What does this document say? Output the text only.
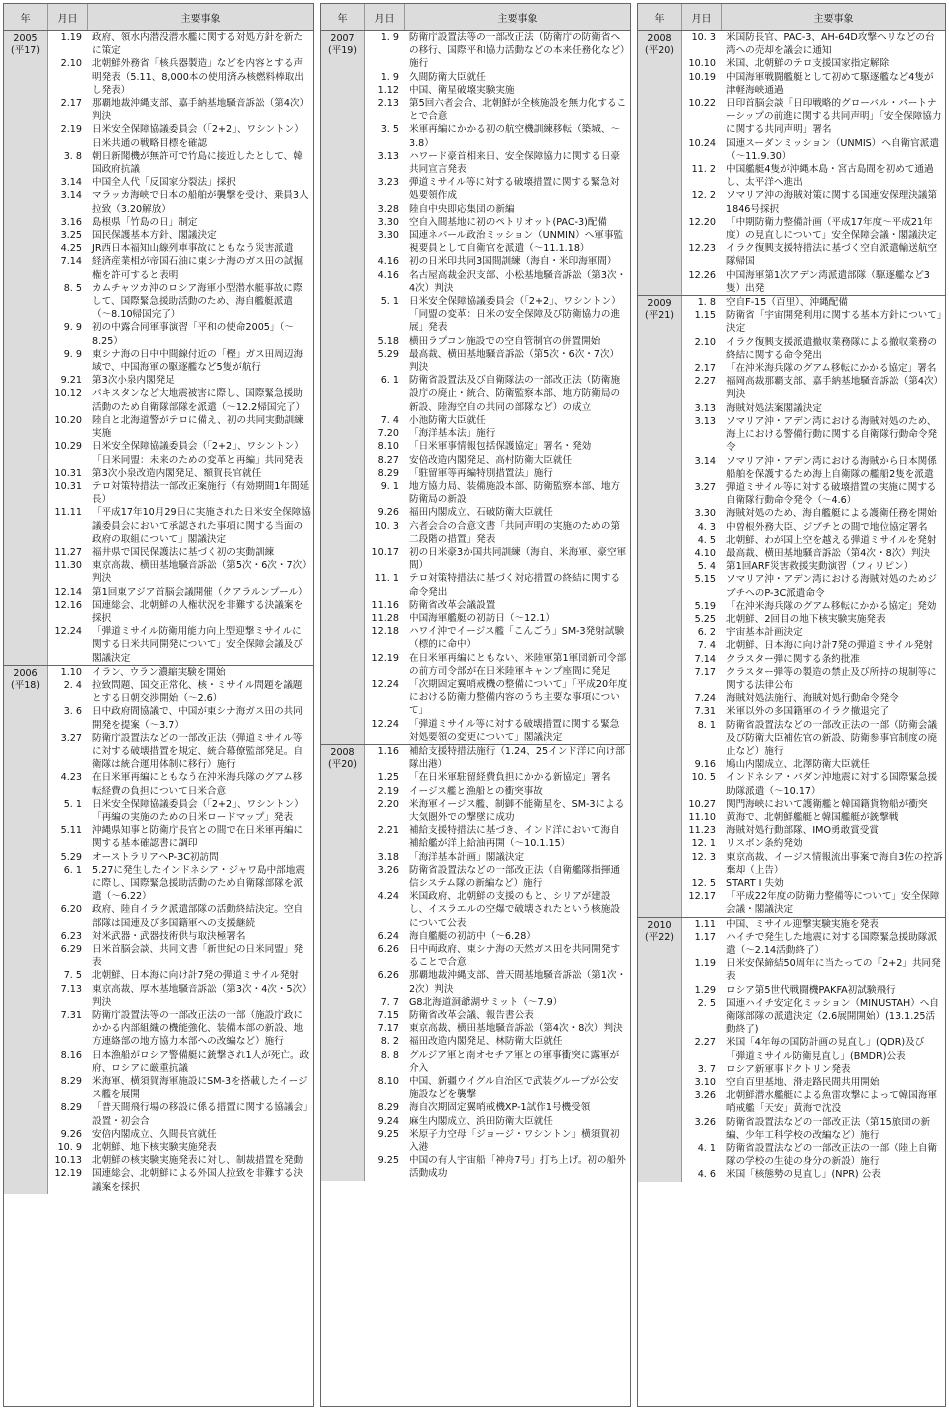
年	月日	主要事象
2005
(平17)
1.19	政府、領水内潜没潜水艦に関する対処方針を新たに策定
2.10	北朝鮮外務省「核兵器製造」などを内容とする声明発表（5.11、8,000本の使用済み核燃料棒取出し発表）
2.17	那覇地裁沖縄支部、嘉手納基地騒音訴訟（第4次）判決
2.19	日米安全保障協議委員会（「2+2」、ワシントン）日米共通の戦略目標を確認
3. 8	朝日新聞機が無許可で竹島に接近したとして、韓国政府抗議
3.14	中国全人代「反国家分裂法」採択
3.14	マラッカ海峡で日本の船舶が襲撃を受け、乗員3人拉致（3.20解放）
3.16	島根県「竹島の日」制定
3.25	国民保護基本方針、閣議決定
4.25	JR西日本福知山線列車事故にともなう災害派遣
7.14	経済産業相が帝国石油に東シナ海のガス田の試掘権を許可すると表明
8. 5	カムチャツカ沖のロシア海軍小型潜水艇事故に際して、国際緊急援助活動のため、海自艦艇派遣（～8.10帰国完了）
9. 9	初の中露合同軍事演習「平和の使命2005」（～8.25）
9. 9	東シナ海の日中中間線付近の「樫」ガス田周辺海域で、中国海軍の駆逐艦など5隻が航行
9.21	第3次小泉内閣発足
10.12	パキスタンなど大地震被害に際し、国際緊急援助活動のため自衛隊部隊を派遣（～12.2帰国完了）
10.20	陸自と北海道警がテロに備え、初の共同実動訓練実施
10.29	日米安全保障協議委員会（「2+2」、ワシントン）「日米同盟：未来のための変革と再編」共同発表
10.31	第3次小泉改造内閣発足、額賀長官就任
10.31	テロ対策特措法一部改正案施行（有効期間1年間延長）
11.11	「平成17年10月29日に実施された日米安全保障協議委員会において承認された事項に関する当面の政府の取組について」閣議決定
11.27	福井県で国民保護法に基づく初の実動訓練
11.30	東京高裁、横田基地騒音訴訟（第5次・6次・7次）判決
12.14	第1回東アジア首脳会議開催（クアラルンプール）
12.16	国連総会、北朝鮮の人権状況を非難する決議案を採択
12.24	「弾道ミサイル防衛用能力向上型迎撃ミサイルに関する日米共同開発について」安全保障会議及び閣議決定
2006
(平18)
1.10	イラン、ウラン濃縮実験を開始
2. 4	拉致問題、国交正常化、核・ミサイル問題を議題とする日朝交渉開始（～2.6）
3. 6	日中政府間協議で、中国が東シナ海ガス田の共同開発を提案（～3.7）
3.27	防衛庁設置法などの一部改正法（弾道ミサイル等に対する破壊措置を規定、統合幕僚監部発足。自衛隊は統合運用体制に移行）施行
4.23	在日米軍再編にともなう在沖米海兵隊のグアム移転経費の負担について日米合意
5. 1	日米安全保障協議委員会（「2+2」、ワシントン）「再編の実施のための日米ロードマップ」発表
5.11	沖縄県知事と防衛庁長官との間で在日米軍再編に関する基本確認書に調印
5.29	オーストラリアへP-3C初訪問
6. 1	5.27に発生したインドネシア・ジャワ島中部地震に際し、国際緊急援助活動のため自衛隊部隊を派遣（～6.22）
6.20	政府、陸自イラク派遣部隊の活動終結決定。空自部隊は国連及び多国籍軍への支援継続
6.23	対米武器・武器技術供与取決極署名
6.29	日米首脳会談、共同文書「新世紀の日米同盟」発表
7. 5	北朝鮮、日本海に向け計7発の弾道ミサイル発射
7.13	東京高裁、厚木基地騒音訴訟（第3次・4次・5次）判決
7.31	防衛庁設置法等の一部改正法の一部（施設庁政にかかる内部組織の機能強化、装備本部の新設、地方連絡部の地方協力本部への改編など）施行
8.16	日本漁船がロシア警備艇に銃撃され1人が死亡。政府、ロシアに厳重抗議
8.29	米海軍、横須賀海軍施設にSM-3を搭載したイージス艦を展開
8.29	「普天間飛行場の移設に係る措置に関する協議会」設置・初会合
9.26	安倍内閣成立、久間長官就任
10. 9	北朝鮮、地下核実験実施発表
10.13	北朝鮮の核実験実施発表に対し、制裁措置を発動
12.19	国連総会、北朝鮮による外国人拉致を非難する決議案を採択
年	月日	主要事象
2007
(平19)
1. 9	防衛庁設置法等の一部改正法（防衛庁の防衛省への移行、国際平和協力活動などの本来任務化など）施行
1. 9	久間防衛大臣就任
1.12	中国、衛星破壊実験実施
2.13	第5回六者会合、北朝鮮が全核施設を無力化することで合意
3. 5	米軍再編にかかる初の航空機訓練移転（築城、～3.8）
3.13	ハワード豪首相来日、安全保障協力に関する日豪共同宣言発表
3.23	弾道ミサイル等に対する破壊措置に関する緊急対処要領作成
3.28	陸自中央即応集団の新編
3.30	空自入間基地に初のペトリオット(PAC-3)配備
3.30	国連ネパール政治ミッション（UNMIN）へ軍事監視要員として自衛官を派遣（～11.1.18）
4.16	初の日米印共同3国間訓練（海自・米印海軍間）
4.16	名古屋高裁金沢支部、小松基地騒音訴訟（第3次・4次）判決
5. 1	日米安全保障協議委員会（「2+2」、ワシントン）「同盟の変革：日米の安全保障及び防衛協力の進展」発表
5.18	横田ラプコン施設での空自管制官の併置開始
5.29	最高裁、横田基地騒音訴訟（第5次・6次・7次）判決
6. 1	防衛省設置法及び自衛隊法の一部改正法（防衛施設庁の廃止・統合、防衛監察本部、地方防衛局の新設、陸海空自の共同の部隊など）の成立
7. 4	小池防衛大臣就任
7.20	「海洋基本法」施行
8.10	「日米軍事情報包括保護協定」署名・発効
8.27	安倍改造内閣発足、高村防衛大臣就任
8.29	「駐留軍等再編特別措置法」施行
9. 1	地方協力局、装備施設本部、防衛監察本部、地方防衛局の新設
9.26	福田内閣成立、石破防衛大臣就任
10. 3	六者会合の合意文書「共同声明の実施のための第二段階の措置」発表
10.17	初の日米豪3か国共同訓練（海自、米海軍、豪空軍間）
11. 1	テロ対策特措法に基づく対応措置の終結に関する命令発出
11.16	防衛省改革会議設置
11.28	中国海軍艦艇の初訪日（～12.1）
12.18	ハワイ沖でイージス艦「こんごう」SM-3発射試験（標的に命中）
12.19	在日米軍再編にともない、米陸軍第1軍団新司令部の前方司令部が在日米陸軍キャンプ座間に発足
12.24	「次期固定翼哨戒機の整備について」「平成20年度における防衛力整備内容のうち主要な事項について」
12.24	「弾道ミサイル等に対する破壊措置に関する緊急対処要領の変更について」閣議決定
2008
(平20)
1.16	補給支援特措法施行（1.24、25インド洋に向け部隊出港）
1.25	「在日米軍駐留経費負担にかかる新協定」署名
2.19	イージス艦と漁船との衝突事故
2.20	米海軍イージス艦、制御不能衛星を、SM-3による大気圏外での撃墜に成功
2.21	補給支援特措法に基づき、インド洋において海自補給艦が洋上給油再開（～10.1.15）
3.18	「海洋基本計画」閣議決定
3.26	防衛省設置法などの一部改正法（自衛艦隊指揮通信システム隊の新編など）施行
4.24	米国政府、北朝鮮の支援のもと、シリアが建設し、イスラエルの空爆で破壊されたという核施設について公表
6.24	海自艦艇の初訪中（～6.28）
6.26	日中両政府、東シナ海の天然ガス田を共同開発することで合意
6.26	那覇地裁沖縄支部、普天間基地騒音訴訟（第1次・2次）判決
7. 7	G8北海道洞爺湖サミット（～7.9）
7.15	防衛省改革会議、報告書公表
7.17	東京高裁、横田基地騒音訴訟（第4次・8次）判決
8. 2	福田改造内閣発足、林防衛大臣就任
8. 8	グルジア軍と南オセチア軍との軍事衝突に露軍が介入
8.10	中国、新疆ウイグル自治区で武装グループが公安施設などを襲撃
8.29	海自次期固定翼哨戒機XP-1試作1号機受領
9.24	麻生内閣成立、浜田防衛大臣就任
9.25	米原子力空母「ジョージ・ワシントン」横須賀初入港
9.25	中国の有人宇宙船「神舟7号」打ち上げ。初の船外活動成功
年	月日	主要事象
2008
(平20)
10. 3	米国防長官、PAC-3、AH-64D攻撃ヘリなどの台湾への売却を議会に通知
10.10	米国、北朝鮮のテロ支援国家指定解除
10.19	中国海軍戦闘艦艇として初めて駆逐艦など4隻が津軽海峡通過
10.22	日印首脳会談「日印戦略的グローバル・パートナーシップの前進に関する共同声明」「安全保障協力に関する共同声明」署名
10.24	国連スーダンミッション（UNMIS）へ自衛官派遣（～11.9.30）
11. 2	中国艦艇4隻が沖縄本島・宮古島間を初めて通過し、太平洋へ進出
12. 2	ソマリア沖の海賊対策に関する国連安保理決議第1846号採択
12.20	「中期防衛力整備計画（平成17年度～平成21年度）の見直しについて」安全保障会議・閣議決定
12.23	イラク復興支援特措法に基づく空自派遣輸送航空隊帰国
12.26	中国海軍第1次アデン湾派遣部隊（駆逐艦など3隻）出発
2009
(平21)
1. 8	空自F-15（百里）、沖縄配備
1.15	防衛省「宇宙開発利用に関する基本方針について」決定
2.10	イラク復興支援派遣撤収業務隊による撤収業務の終結に関する命令発出
2.17	「在沖米海兵隊のグアム移転にかかる協定」署名
2.27	福岡高裁那覇支部、嘉手納基地騒音訴訟（第4次）判決
3.13	海賊対処法案閣議決定
3.13	ソマリア沖・アデン湾における海賊対処のため、海上における警備行動に関する自衛隊行動命令発令
3.14	ソマリア沖・アデン湾における海賊から日本関係船舶を保護するため海上自衛隊の艦船2隻を派遣
3.27	弾道ミサイル等に対する破壊措置の実施に関する自衛隊行動命令発令（～4.6）
3.30	海賊対処のため、海自艦艇による護衛任務を開始
4. 3	中曽根外務大臣、ジブチとの間で地位協定署名
4. 5	北朝鮮、わが国上空を越える弾道ミサイルを発射
4.10	最高裁、横田基地騒音訴訟（第4次・8次）判決
5. 4	第1回ARF災害救援実動演習（フィリピン）
5.15	ソマリア沖・アデン湾における海賊対処のためジブチへのP-3C派遣命令
5.19	「在沖米海兵隊のグアム移転にかかる協定」発効
5.25	北朝鮮、2回目の地下核実験実施発表
6. 2	宇宙基本計画決定
7. 4	北朝鮮、日本海に向け計7発の弾道ミサイル発射
7.14	クラスター弾に関する条約批准
7.17	クラスター弾等の製造の禁止及び所持の規制等に関する法律公布
7.24	海賊対処法施行、海賊対処行動命令発令
7.31	米軍以外の多国籍軍のイラク撤退完了
8. 1	防衛省設置法などの一部改正法の一部（防衛会議及び防衛大臣補佐官の新設、防衛参事官制度の廃止など）施行
9.16	鳩山内閣成立、北澤防衛大臣就任
10. 5	インドネシア・パダン沖地震に対する国際緊急援助隊派遣（～10.17）
10.27	関門海峡において護衛艦と韓国籍貨物船が衝突
11.10	黄海で、北朝鮮艦艇と韓国艦艇が銃撃戦
11.23	海賊対処行動部隊、IMO勇敢賞受賞
12. 1	リスボン条約発効
12. 3	東京高裁、イージス情報流出事案で海自3佐の控訴棄却（上告）
12. 5	START I 失効
12.17	「平成22年度の防衛力整備等について」安全保障会議・閣議決定
2010
(平22)
1.11	中国、ミサイル迎撃実験実施を発表
1.17	ハイチで発生した地震に対する国際緊急援助隊派遣（～2.14活動終了）
1.19	日米安保締結50周年に当たっての「2+2」共同発表
1.29	ロシア第5世代戦闘機PAKFA初試験飛行
2. 5	国連ハイチ安定化ミッション（MINUSTAH）へ自衛隊部隊の派遣決定（2.6展開開始）(13.1.25活動終了)
2.27	米国「4年毎の国防計画の見直し」(QDR)及び「弾道ミサイル防衛見直し」(BMDR)公表
3. 7	ロシア新軍事ドクトリン発表
3.10	空自百里基地、滑走路民間共用開始
3.26	北朝鮮潜水艦艇による魚雷攻撃によって韓国海軍哨戒艦「天安」黄海で沈没
3.26	防衛省設置法などの一部改正法（第15旅団の新編、少年工科学校の改編など）施行
4. 1	防衛省設置法などの一部改正法の一部（陸上自衛隊の学校の生徒の身分の新設）施行
4. 6	米国「核態勢の見直し」(NPR) 公表
